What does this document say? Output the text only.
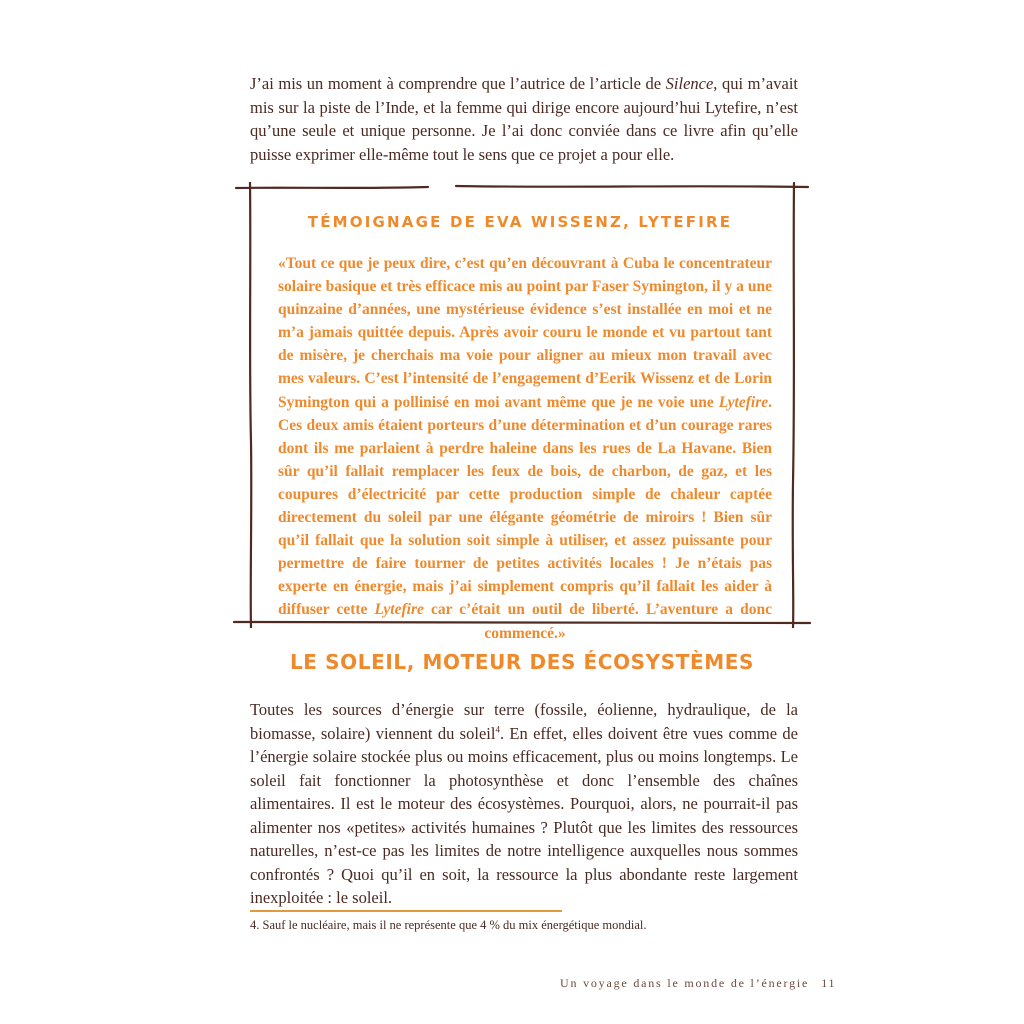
J’ai mis un moment à comprendre que l’autrice de l’article de Silence, qui m’avait mis sur la piste de l’Inde, et la femme qui dirige encore aujourd’hui Lytefire, n’est qu’une seule et unique personne. Je l’ai donc conviée dans ce livre afin qu’elle puisse exprimer elle-même tout le sens que ce projet a pour elle.

TÉMOIGNAGE DE EVA WISSENZ, LYTEFIRE

«Tout ce que je peux dire, c’est qu’en découvrant à Cuba le concentrateur solaire basique et très efficace mis au point par Faser Symington, il y a une quinzaine d’années, une mystérieuse évidence s’est installée en moi et ne m’a jamais quittée depuis. Après avoir couru le monde et vu partout tant de misère, je cherchais ma voie pour aligner au mieux mon travail avec mes valeurs. C’est l’intensité de l’engagement d’Eerik Wissenz et de Lorin Symington qui a pollinisé en moi avant même que je ne voie une Lytefire. Ces deux amis étaient porteurs d’une détermination et d’un courage rares dont ils me parlaient à perdre haleine dans les rues de La Havane. Bien sûr qu’il fallait remplacer les feux de bois, de charbon, de gaz, et les coupures d’électricité par cette production simple de chaleur captée directement du soleil par une élégante géométrie de miroirs ! Bien sûr qu’il fallait que la solution soit simple à utiliser, et assez puissante pour permettre de faire tourner de petites activités locales ! Je n’étais pas experte en énergie, mais j’ai simplement compris qu’il fallait les aider à diffuser cette Lytefire car c’était un outil de liberté. L’aventure a donc commencé.»

LE SOLEIL, MOTEUR DES ÉCOSYSTÈMES

Toutes les sources d’énergie sur terre (fossile, éolienne, hydraulique, de la biomasse, solaire) viennent du soleil$^4$. En effet, elles doivent être vues comme de l’énergie solaire stockée plus ou moins efficacement, plus ou moins longtemps. Le soleil fait fonctionner la photosynthèse et donc l’ensemble des chaînes alimentaires. Il est le moteur des écosystèmes. Pourquoi, alors, ne pourrait-il pas alimenter nos «petites» activités humaines ? Plutôt que les limites des ressources naturelles, n’est-ce pas les limites de notre intelligence auxquelles nous sommes confrontés ? Quoi qu’il en soit, la ressource la plus abondante reste largement inexploitée : le soleil.

4. Sauf le nucléaire, mais il ne représente que 4 % du mix énergétique mondial.

Un voyage dans le monde de l’énergie 11
